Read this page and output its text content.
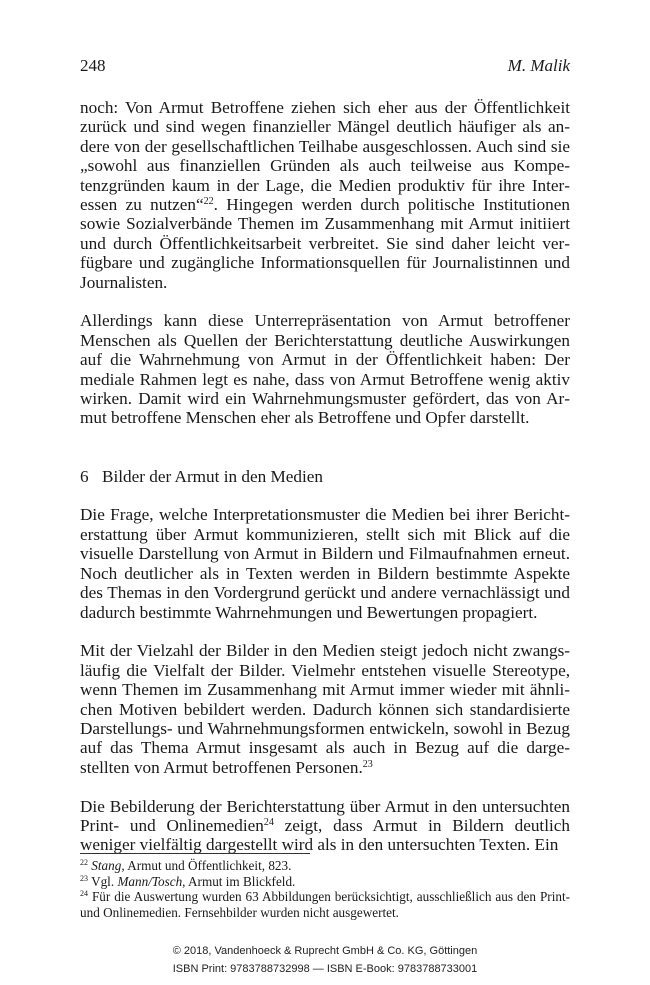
248	M. Malik

noch: Von Armut Betroffene ziehen sich eher aus der Öffentlichkeit zurück und sind wegen finanzieller Mängel deutlich häufiger als andere von der gesellschaftlichen Teilhabe ausgeschlossen. Auch sind sie „sowohl aus finanziellen Gründen als auch teilweise aus Kompetenzgründen kaum in der Lage, die Medien produktiv für ihre Interessen zu nutzen“$^{22}$. Hingegen werden durch politische Institutionen sowie Sozialverbände Themen im Zusammenhang mit Armut initiiert und durch Öffentlichkeitsarbeit verbreitet. Sie sind daher leicht verfügbare und zugängliche Informationsquellen für Journalistinnen und Journalisten.

Allerdings kann diese Unterrepräsentation von Armut betroffener Menschen als Quellen der Berichterstattung deutliche Auswirkungen auf die Wahrnehmung von Armut in der Öffentlichkeit haben: Der mediale Rahmen legt es nahe, dass von Armut Betroffene wenig aktiv wirken. Damit wird ein Wahrnehmungsmuster gefördert, das von Armut betroffene Menschen eher als Betroffene und Opfer darstellt.

6 Bilder der Armut in den Medien

Die Frage, welche Interpretationsmuster die Medien bei ihrer Berichterstattung über Armut kommunizieren, stellt sich mit Blick auf die visuelle Darstellung von Armut in Bildern und Filmaufnahmen erneut. Noch deutlicher als in Texten werden in Bildern bestimmte Aspekte des Themas in den Vordergrund gerückt und andere vernachlässigt und dadurch bestimmte Wahrnehmungen und Bewertungen propagiert.

Mit der Vielzahl der Bilder in den Medien steigt jedoch nicht zwangsläufig die Vielfalt der Bilder. Vielmehr entstehen visuelle Stereotype, wenn Themen im Zusammenhang mit Armut immer wieder mit ähnlichen Motiven bebildert werden. Dadurch können sich standardisierte Darstellungs- und Wahrnehmungsformen entwickeln, sowohl in Bezug auf das Thema Armut insgesamt als auch in Bezug auf die dargestellten von Armut betroffenen Personen.$^{23}$

Die Bebilderung der Berichterstattung über Armut in den untersuchten Print- und Onlinemedien$^{24}$ zeigt, dass Armut in Bildern deutlich weniger vielfältig dargestellt wird als in den untersuchten Texten. Ein

$^{22}$ Stang, Armut und Öffentlichkeit, 823.

$^{23}$ Vgl. Mann/Tosch, Armut im Blickfeld.

$^{24}$ Für die Auswertung wurden 63 Abbildungen berücksichtigt, ausschließlich aus den Print- und Onlinemedien. Fernsehbilder wurden nicht ausgewertet.

© 2018, Vandenhoeck & Ruprecht GmbH & Co. KG, Göttingen
ISBN Print: 9783788732998 — ISBN E-Book: 9783788733001
